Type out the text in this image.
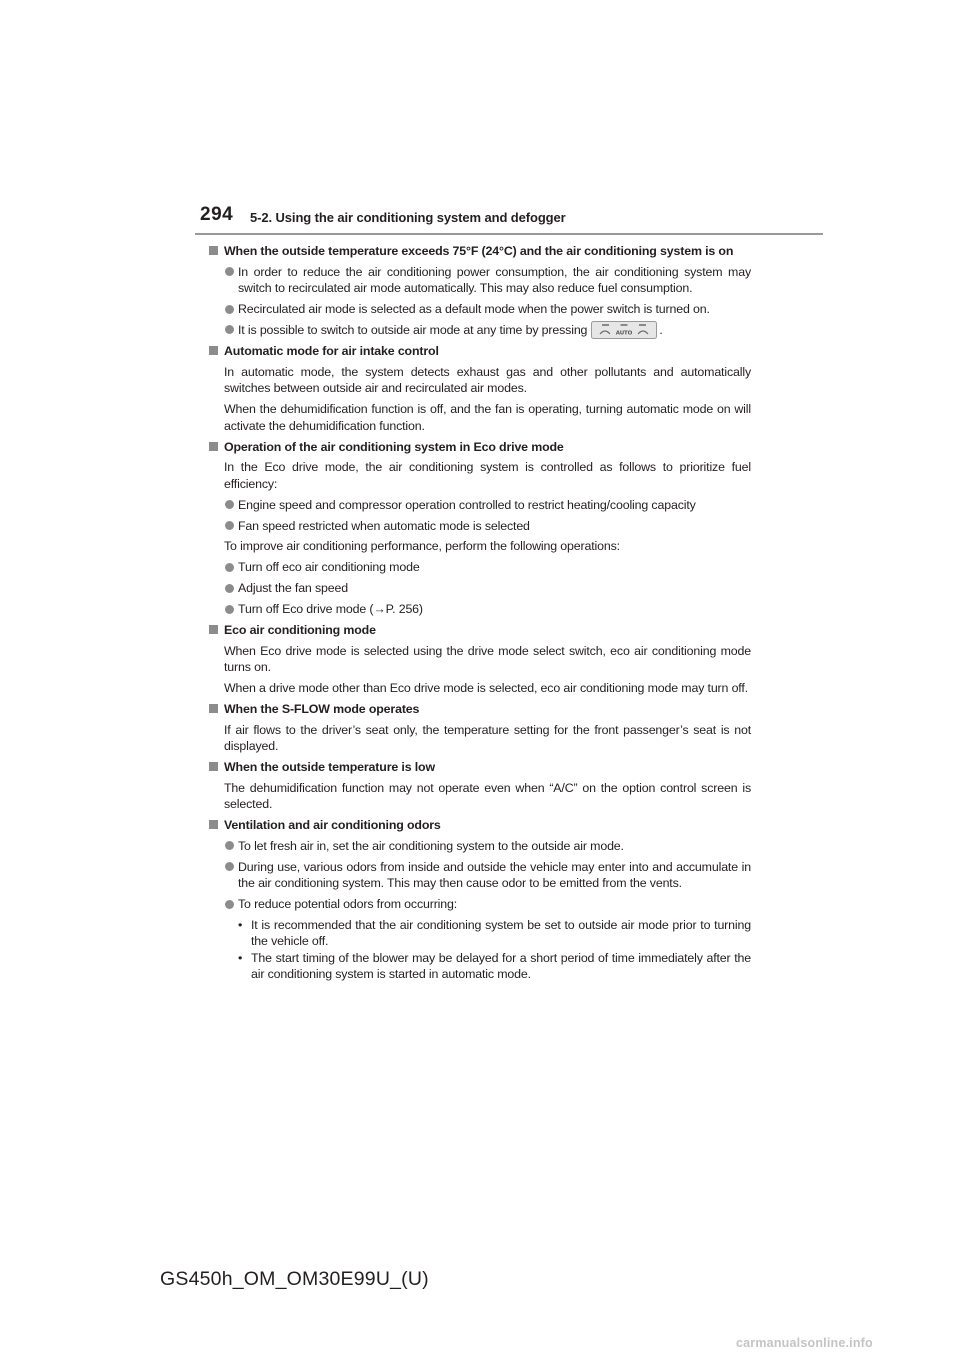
294 5-2. Using the air conditioning system and defogger
When the outside temperature exceeds 75°F (24°C) and the air conditioning system is on
In order to reduce the air conditioning power consumption, the air conditioning system may switch to recirculated air mode automatically. This may also reduce fuel consumption.
Recirculated air mode is selected as a default mode when the power switch is turned on.
It is possible to switch to outside air mode at any time by pressing	AUTO .
Automatic mode for air intake control
In automatic mode, the system detects exhaust gas and other pollutants and automatically switches between outside air and recirculated air modes.
When the dehumidification function is off, and the fan is operating, turning automatic mode on will activate the dehumidification function.
Operation of the air conditioning system in Eco drive mode
In the Eco drive mode, the air conditioning system is controlled as follows to prioritize fuel efficiency:
Engine speed and compressor operation controlled to restrict heating/cooling capacity
Fan speed restricted when automatic mode is selected
To improve air conditioning performance, perform the following operations:
Turn off eco air conditioning mode
Adjust the fan speed
Turn off Eco drive mode (→P. 256)
Eco air conditioning mode
When Eco drive mode is selected using the drive mode select switch, eco air conditioning mode turns on.
When a drive mode other than Eco drive mode is selected, eco air conditioning mode may turn off.
When the S-FLOW mode operates
If air flows to the driver’s seat only, the temperature setting for the front passenger’s seat is not displayed.
When the outside temperature is low
The dehumidification function may not operate even when “A/C” on the option control screen is selected.
Ventilation and air conditioning odors
To let fresh air in, set the air conditioning system to the outside air mode.
During use, various odors from inside and outside the vehicle may enter into and accumulate in the air conditioning system. This may then cause odor to be emitted from the vents.
To reduce potential odors from occurring:
• It is recommended that the air conditioning system be set to outside air mode prior to turning the vehicle off.
• The start timing of the blower may be delayed for a short period of time immediately after the air conditioning system is started in automatic mode.
GS450h_OM_OM30E99U_(U)
carmanualsonline.info
